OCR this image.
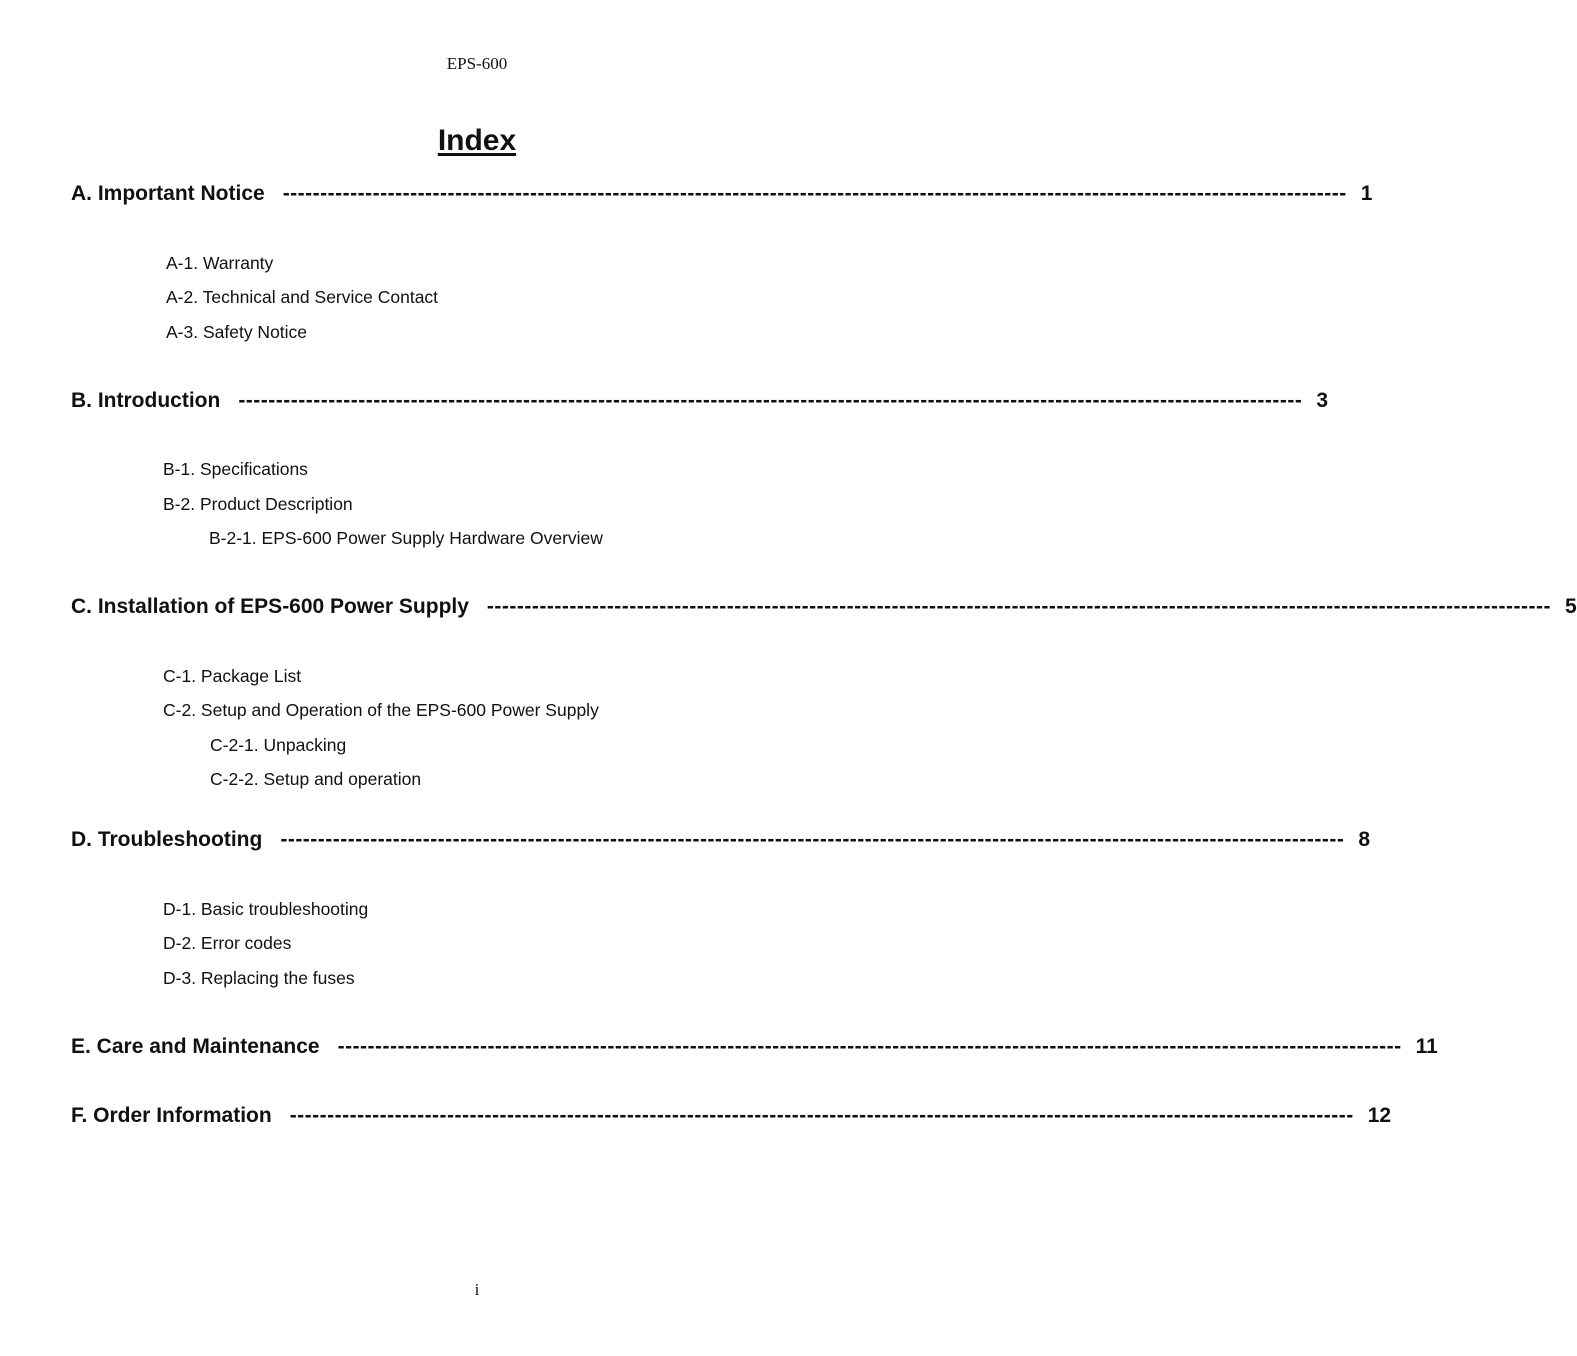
EPS-600
Index
A. Important Notice ---------------------------------------------------------------------------------------------------------------------------------------------- 1
A-1. Warranty
A-2. Technical and Service Contact
A-3. Safety Notice
B. Introduction ---------------------------------------------------------------------------------------------------------------------------------------------- 3
B-1. Specifications
B-2. Product Description
B-2-1. EPS-600 Power Supply Hardware Overview
C. Installation of EPS-600 Power Supply ---------------------------------------------------------------------------------------------------------------------------------------------- 5
C-1. Package List
C-2. Setup and Operation of the EPS-600 Power Supply
C-2-1. Unpacking
C-2-2. Setup and operation
D. Troubleshooting ---------------------------------------------------------------------------------------------------------------------------------------------- 8
D-1. Basic troubleshooting
D-2. Error codes
D-3. Replacing the fuses
E. Care and Maintenance ---------------------------------------------------------------------------------------------------------------------------------------------- 11
F. Order Information ---------------------------------------------------------------------------------------------------------------------------------------------- 12
i
